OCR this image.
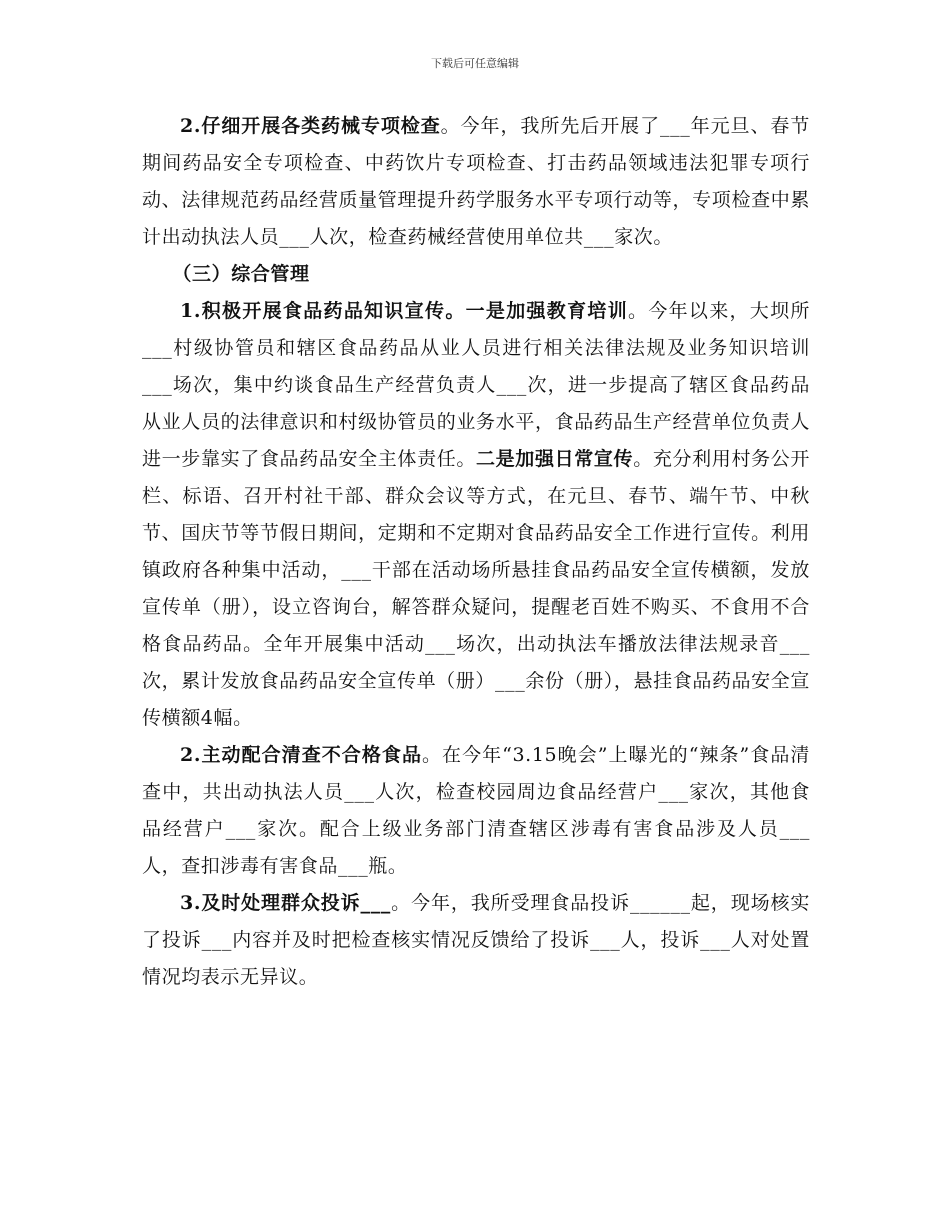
下载后可任意编辑

2.仔细开展各类药械专项检查。今年，我所先后开展了___年元旦、春节期间药品安全专项检查、中药饮片专项检查、打击药品领域违法犯罪专项行动、法律规范药品经营质量管理提升药学服务水平专项行动等，专项检查中累计出动执法人员___人次，检查药械经营使用单位共___家次。

（三）综合管理

1.积极开展食品药品知识宣传。一是加强教育培训。今年以来，大坝所___村级协管员和辖区食品药品从业人员进行相关法律法规及业务知识培训___场次，集中约谈食品生产经营负责人___次，进一步提高了辖区食品药品从业人员的法律意识和村级协管员的业务水平，食品药品生产经营单位负责人进一步靠实了食品药品安全主体责任。二是加强日常宣传。充分利用村务公开栏、标语、召开村社干部、群众会议等方式，在元旦、春节、端午节、中秋节、国庆节等节假日期间，定期和不定期对食品药品安全工作进行宣传。利用镇政府各种集中活动，___干部在活动场所悬挂食品药品安全宣传横额，发放宣传单（册），设立咨询台，解答群众疑问，提醒老百姓不购买、不食用不合格食品药品。全年开展集中活动___场次，出动执法车播放法律法规录音___次，累计发放食品药品安全宣传单（册）___余份（册），悬挂食品药品安全宣传横额4幅。

2.主动配合清查不合格食品。在今年“3.15晚会”上曝光的“辣条”食品清查中，共出动执法人员___人次，检查校园周边食品经营户___家次，其他食品经营户___家次。配合上级业务部门清查辖区涉毒有害食品涉及人员___人，查扣涉毒有害食品___瓶。

3.及时处理群众投诉___。今年，我所受理食品投诉______起，现场核实了投诉___内容并及时把检查核实情况反馈给了投诉___人，投诉___人对处置情况均表示无异议。
